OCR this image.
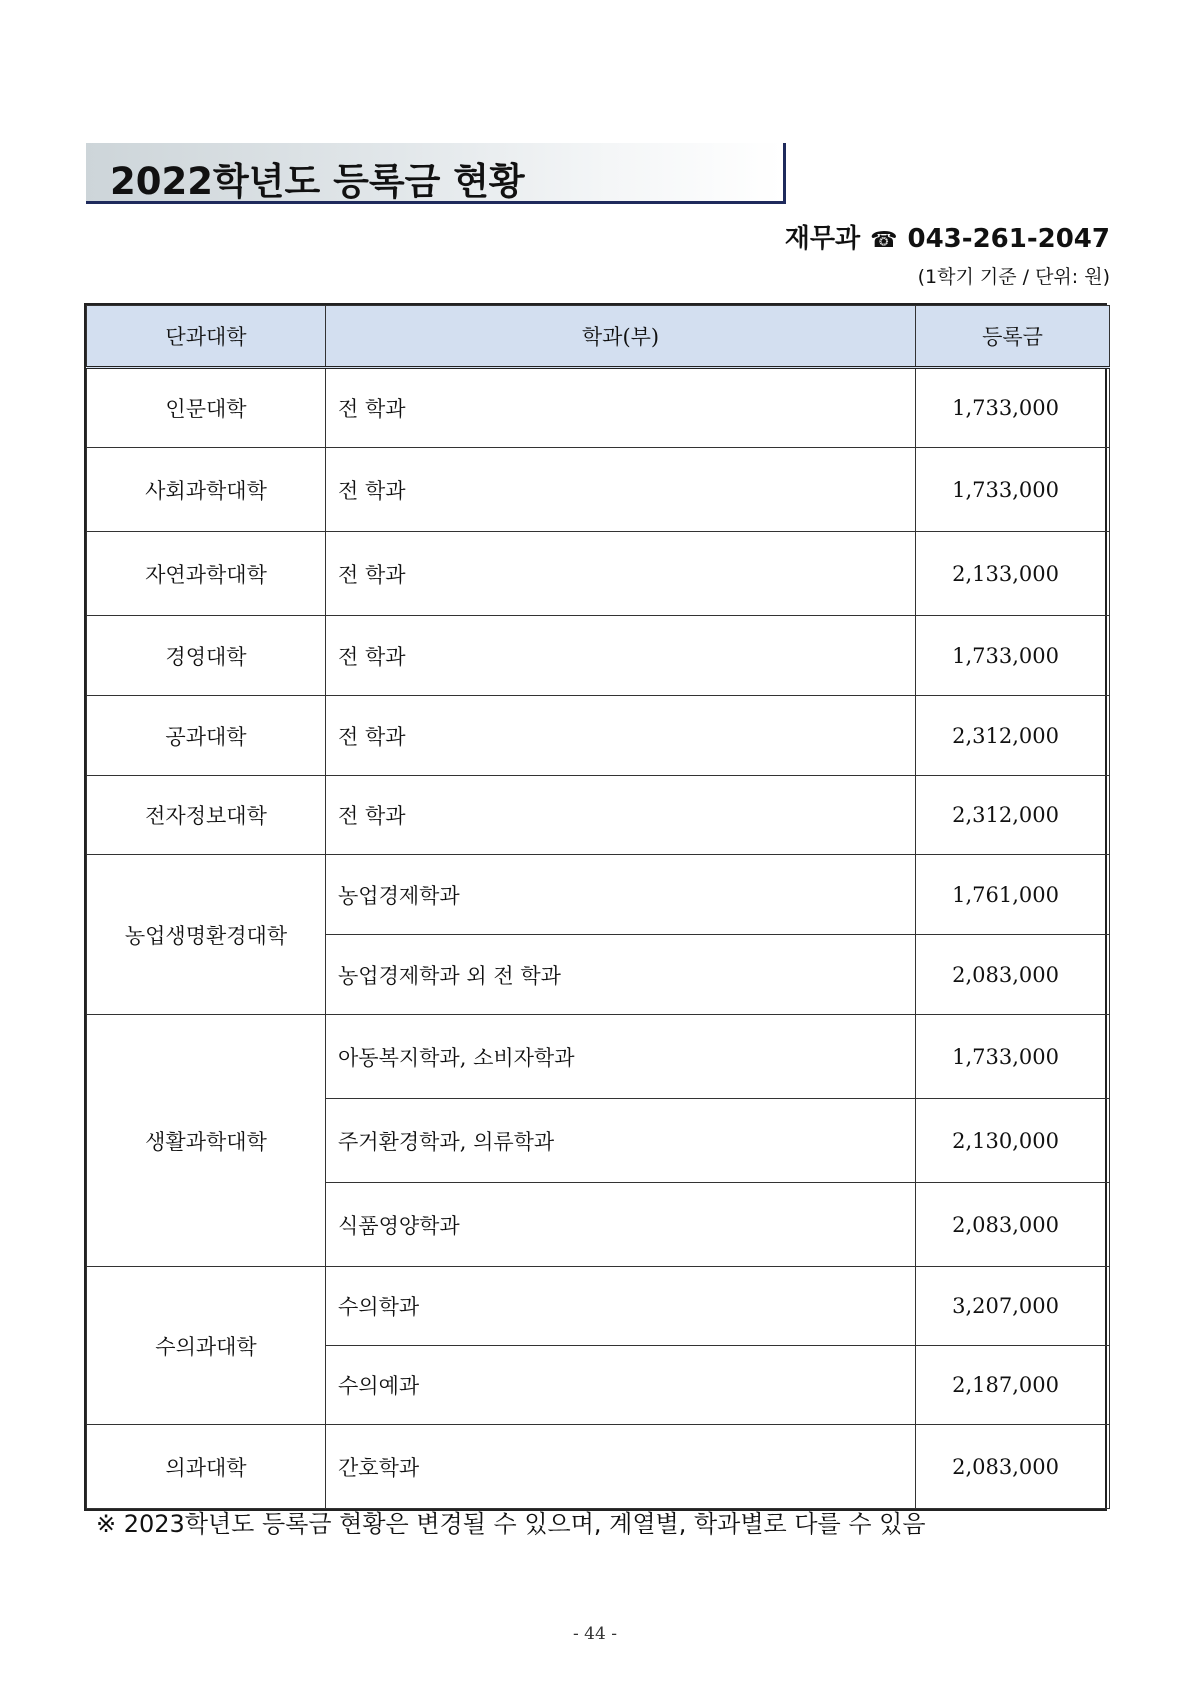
2022학년도 등록금 현황
재무과 ☎ 043-261-2047
(1학기 기준 / 단위: 원)
단과대학	학과(부)	등록금
인문대학	전 학과	1,733,000
사회과학대학	전 학과	1,733,000
자연과학대학	전 학과	2,133,000
경영대학	전 학과	1,733,000
공과대학	전 학과	2,312,000
전자정보대학	전 학과	2,312,000
농업생명환경대학	농업경제학과	1,761,000
	농업경제학과 외 전 학과	2,083,000
생활과학대학	아동복지학과, 소비자학과	1,733,000
	주거환경학과, 의류학과	2,130,000
	식품영양학과	2,083,000
수의과대학	수의학과	3,207,000
	수의예과	2,187,000
의과대학	간호학과	2,083,000
※ 2023학년도 등록금 현황은 변경될 수 있으며, 계열별, 학과별로 다를 수 있음
- 44 -
